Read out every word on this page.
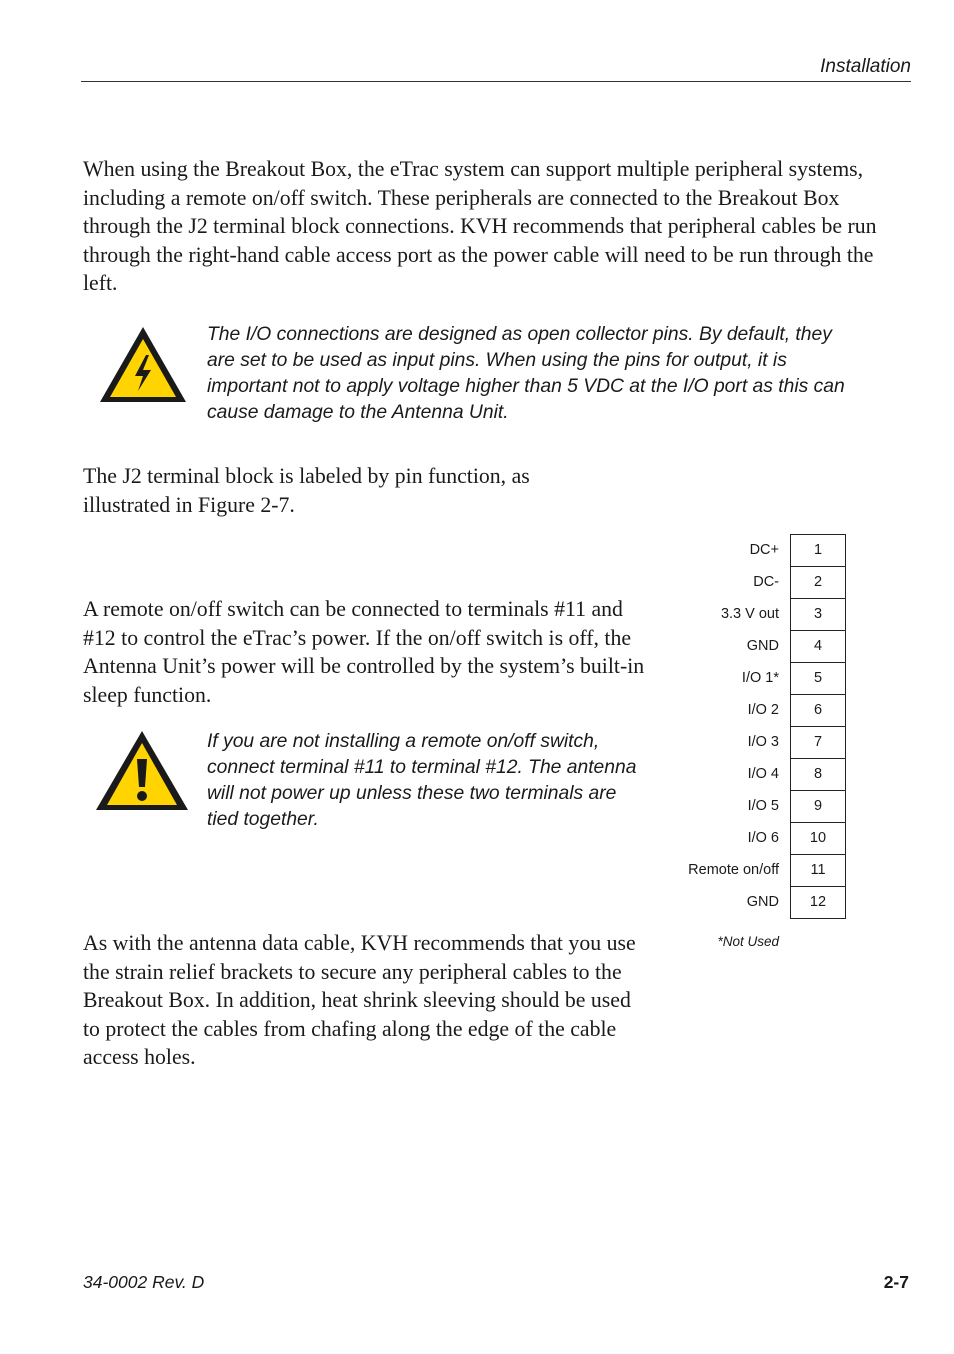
Installation

When using the Breakout Box, the eTrac system can support multiple peripheral systems, including a remote on/off switch. These peripherals are connected to the Breakout Box through the J2 terminal block connections. KVH recommends that peripheral cables be run through the right-hand cable access port as the power cable will need to be run through the left.

The I/O connections are designed as open collector pins. By default, they are set to be used as input pins. When using the pins for output, it is important not to apply voltage higher than 5 VDC at the I/O port as this can cause damage to the Antenna Unit.

The J2 terminal block is labeled by pin function, as illustrated in Figure 2-7.

A remote on/off switch can be connected to terminals #11 and #12 to control the eTrac’s power. If the on/off switch is off, the Antenna Unit’s power will be controlled by the system’s built-in sleep function.

If you are not installing a remote on/off switch, connect terminal #11 to terminal #12. The antenna will not power up unless these two terminals are tied together.

As with the antenna data cable, KVH recommends that you use the strain relief brackets to secure any peripheral cables to the Breakout Box. In addition, heat shrink sleeving should be used to protect the cables from chafing along the edge of the cable access holes.

DC+
DC-
3.3 V out
GND
I/O 1*
I/O 2
I/O 3
I/O 4
I/O 5
I/O 6
Remote on/off
GND
1
2
3
4
5
6
7
8
9
10
11
12
*Not Used
34-0002 Rev. D	2-7
